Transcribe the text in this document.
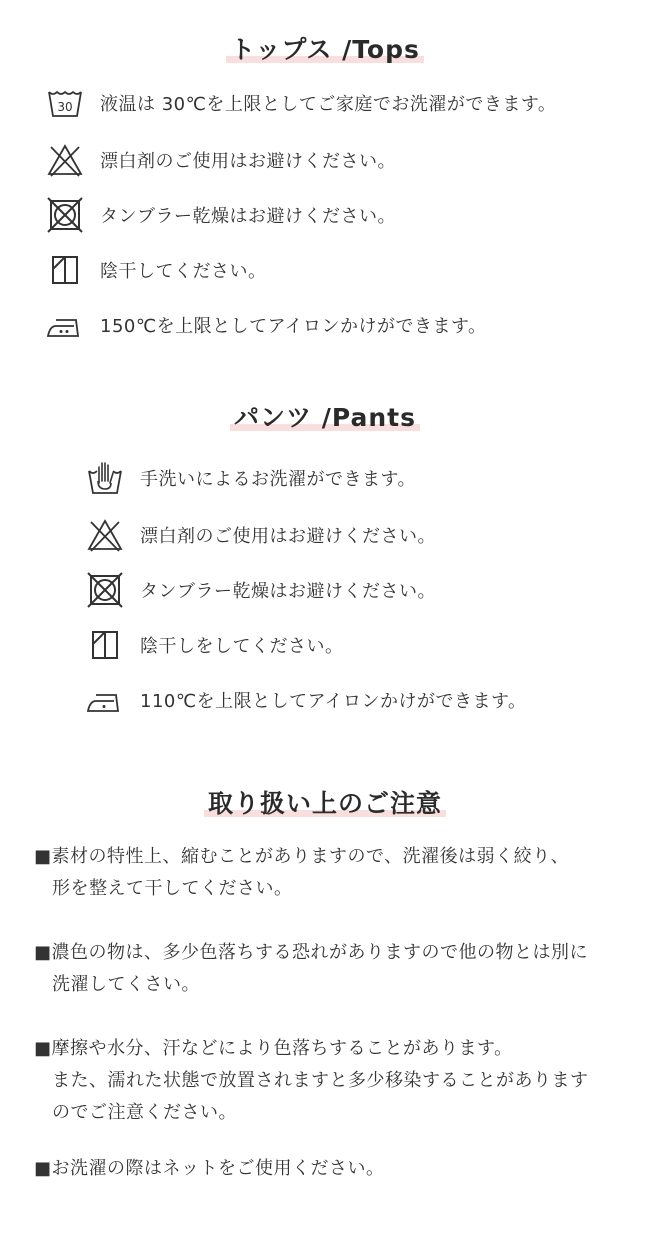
トップス /Tops
30 液温は 30℃を上限としてご家庭でお洗濯ができます。
漂白剤のご使用はお避けください。
タンブラー乾燥はお避けください。
陰干してください。
150℃を上限としてアイロンかけができます。
パンツ /Pants
手洗いによるお洗濯ができます。
漂白剤のご使用はお避けください。
タンブラー乾燥はお避けください。
陰干しをしてください。
110℃を上限としてアイロンかけができます。
取り扱い上のご注意
■素材の特性上、縮むことがありますので、洗濯後は弱く絞り、
形を整えて干してください。
■濃色の物は、多少色落ちする恐れがありますので他の物とは別に
洗濯してくさい。
■摩擦や水分、汗などにより色落ちすることがあります。
また、濡れた状態で放置されますと多少移染することがあります
のでご注意ください。
■お洗濯の際はネットをご使用ください。
